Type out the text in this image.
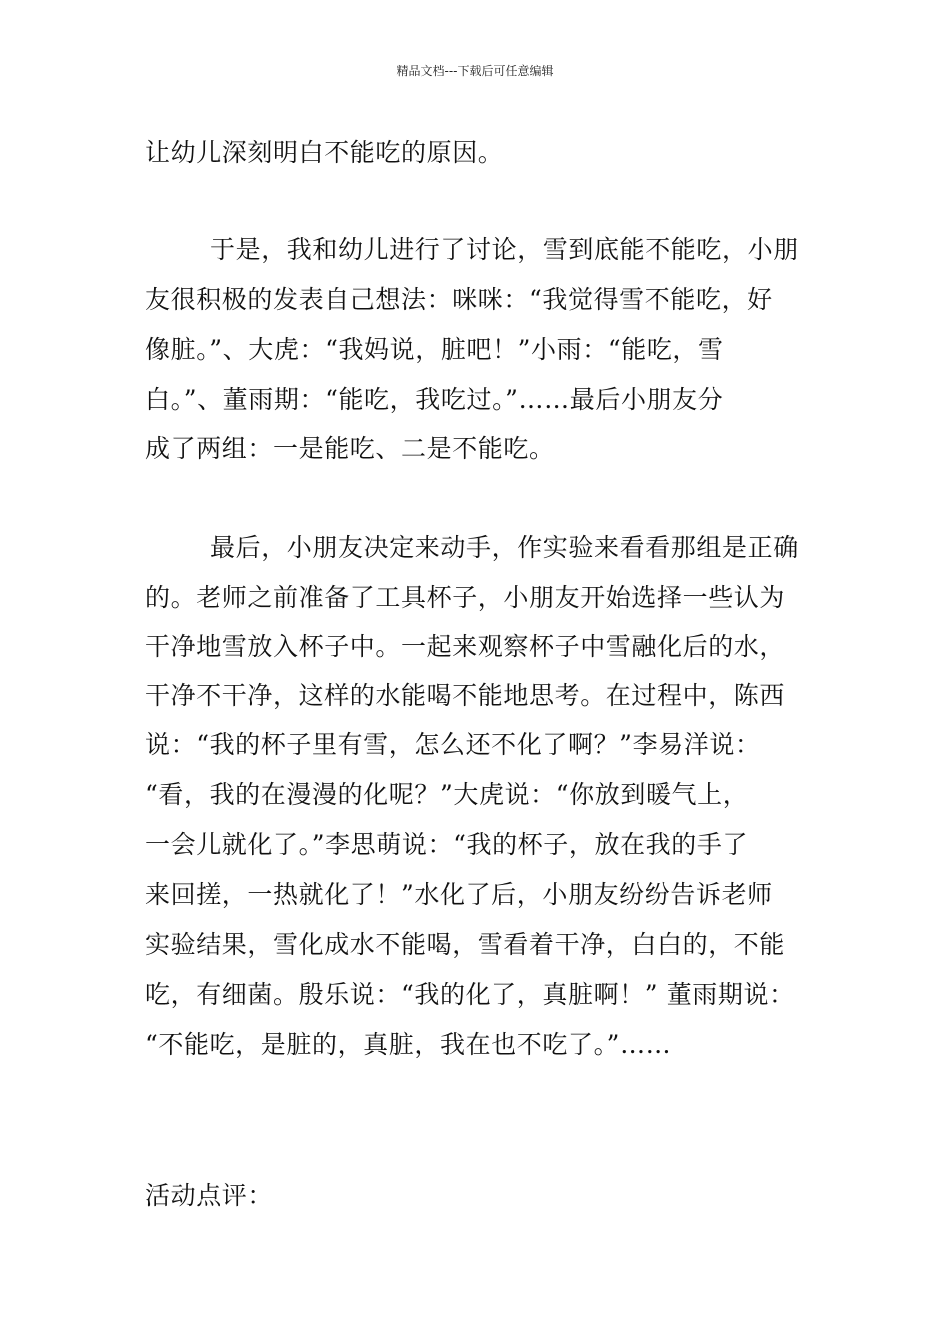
精品文档---下载后可任意编辑
让幼儿深刻明白不能吃的原因。
于是，我和幼儿进行了讨论，雪到底能不能吃，小朋
友很积极的发表自己想法：咪咪：“我觉得雪不能吃，好
像脏。”、大虎：“我妈说，脏吧！”小雨：“能吃，雪
白。”、董雨期：“能吃，我吃过。”……最后小朋友分
成了两组：一是能吃、二是不能吃。
最后，小朋友决定来动手，作实验来看看那组是正确
的。老师之前准备了工具杯子，小朋友开始选择一些认为
干净地雪放入杯子中。一起来观察杯子中雪融化后的水，
干净不干净，这样的水能喝不能地思考。在过程中，陈西
说：“我的杯子里有雪，怎么还不化了啊？”李易洋说：
“看，我的在漫漫的化呢？”大虎说：“你放到暖气上，
一会儿就化了。”李思萌说：“我的杯子，放在我的手了
来回搓，一热就化了！”水化了后，小朋友纷纷告诉老师
实验结果，雪化成水不能喝，雪看着干净，白白的，不能
吃，有细菌。殷乐说：“我的化了，真脏啊！” 董雨期说：
“不能吃，是脏的，真脏，我在也不吃了。”……
活动点评：
